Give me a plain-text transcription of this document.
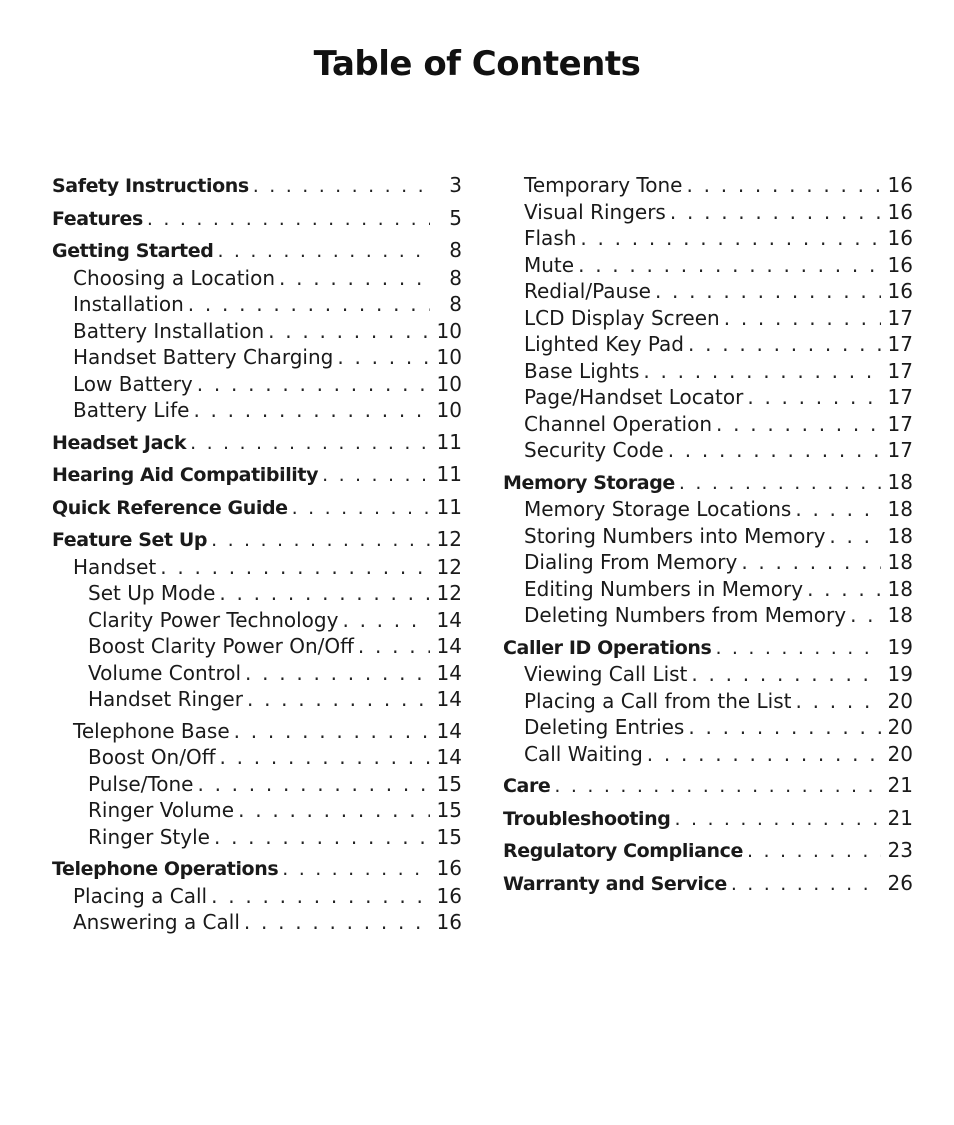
Table of Contents
Safety Instructions . . .	3
Features . . .	5
Getting Started . . .	8
Choosing a Location . . .	8
Installation . . .	8
Battery Installation . . .	10
Handset Battery Charging . . .	10
Low Battery . . .	10
Battery Life . . .	10
Headset Jack . . .	11
Hearing Aid Compatibility . . .	11
Quick Reference Guide . . .	11
Feature Set Up . . .	12
Handset . . .	12
Set Up Mode . . .	12
Clarity Power Technology . . .	14
Boost Clarity Power On/Off . . .	14
Volume Control . . .	14
Handset Ringer . . .	14
Telephone Base . . .	14
Boost On/Off . . .	14
Pulse/Tone . . .	15
Ringer Volume . . .	15
Ringer Style . . .	15
Telephone Operations . . .	16
Placing a Call . . .	16
Answering a Call . . .	16
Temporary Tone . . .	16
Visual Ringers . . .	16
Flash . . .	16
Mute . . .	16
Redial/Pause . . .	16
LCD Display Screen . . .	17
Lighted Key Pad . . .	17
Base Lights . . .	17
Page/Handset Locator . . .	17
Channel Operation . . .	17
Security Code . . .	17
Memory Storage . . .	18
Memory Storage Locations . . .	18
Storing Numbers into Memory . . .	18
Dialing From Memory . . .	18
Editing Numbers in Memory . . .	18
Deleting Numbers from Memory . . . 18
Caller ID Operations . . .	19
Viewing Call List . . .	19
Placing a Call from the List . . .	20
Deleting Entries . . .	20
Call Waiting . . .	20
Care . . .	21
Troubleshooting . . .	21
Regulatory Compliance . . .	23
Warranty and Service . . .	26
